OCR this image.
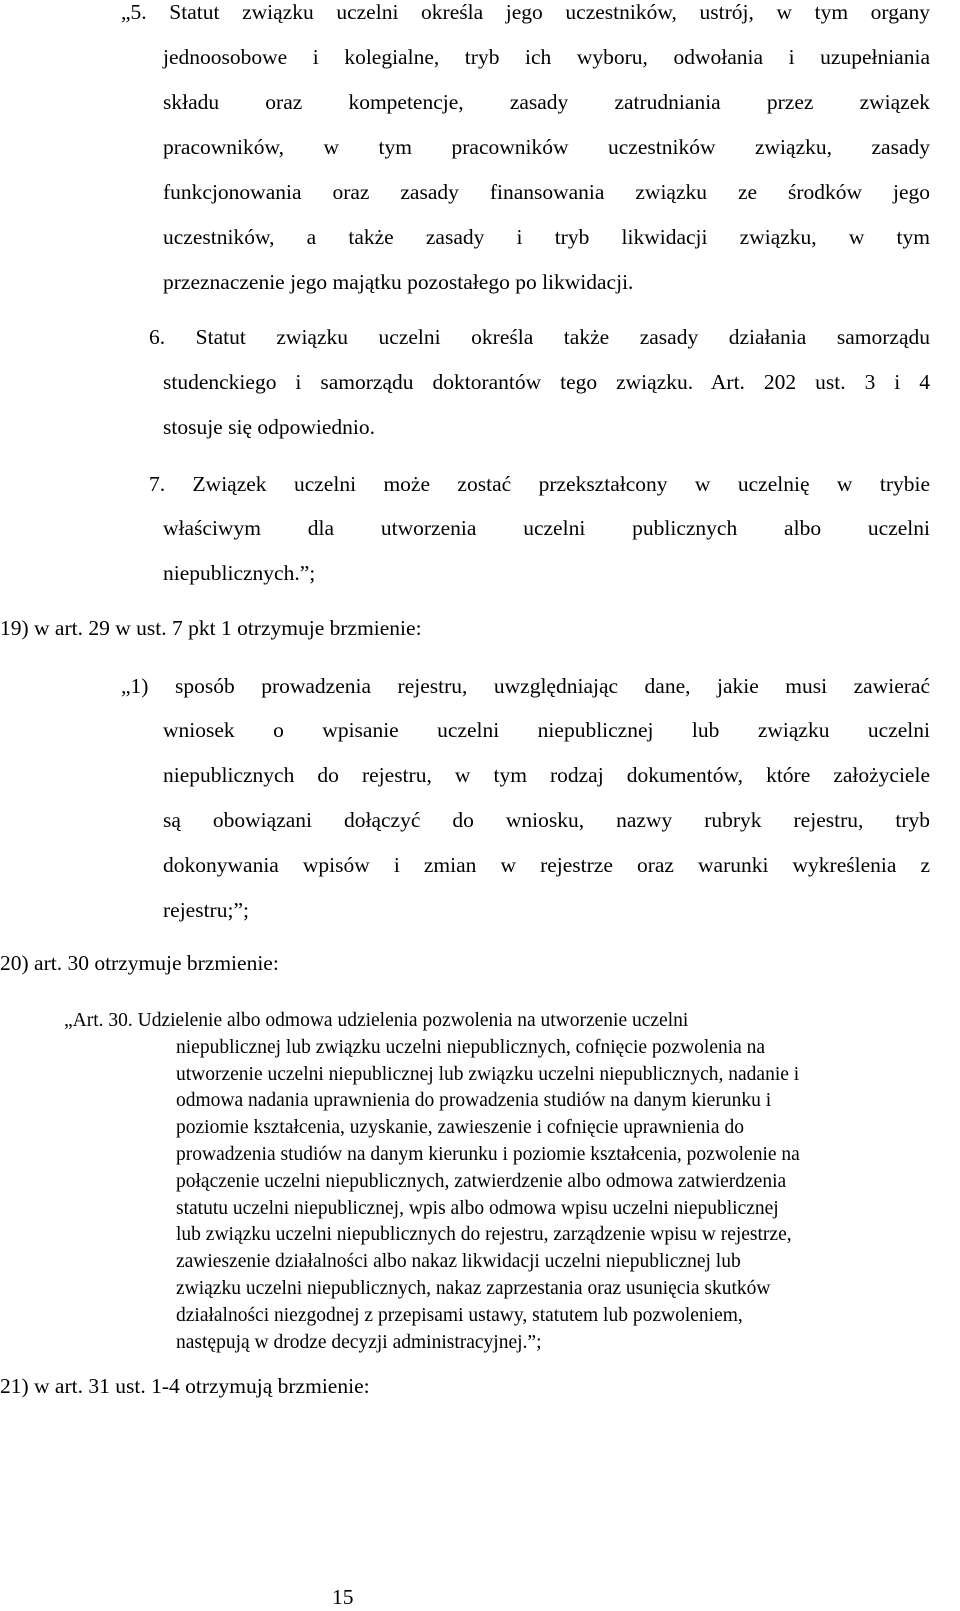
„5. Statut związku uczelni określa jego uczestników, ustrój, w tym organy
jednoosobowe i kolegialne, tryb ich wyboru, odwołania i uzupełniania
składu oraz kompetencje, zasady zatrudniania przez związek
pracowników, w tym pracowników uczestników związku, zasady
funkcjonowania oraz zasady finansowania związku ze środków jego
uczestników, a także zasady i tryb likwidacji związku, w tym
przeznaczenie jego majątku pozostałego po likwidacji.
6. Statut związku uczelni określa także zasady działania samorządu
studenckiego i samorządu doktorantów tego związku. Art. 202 ust. 3 i 4
stosuje się odpowiednio.
7. Związek uczelni może zostać przekształcony w uczelnię w trybie
właściwym dla utworzenia uczelni publicznych albo uczelni
niepublicznych.”;

19) w art. 29 w ust. 7 pkt 1 otrzymuje brzmienie:

„1) sposób prowadzenia rejestru, uwzględniając dane, jakie musi zawierać
wniosek o wpisanie uczelni niepublicznej lub związku uczelni
niepublicznych do rejestru, w tym rodzaj dokumentów, które założyciele
są obowiązani dołączyć do wniosku, nazwy rubryk rejestru, tryb
dokonywania wpisów i zmian w rejestrze oraz warunki wykreślenia z
rejestru;”;

20) art. 30 otrzymuje brzmienie:

„Art. 30. Udzielenie albo odmowa udzielenia pozwolenia na utworzenie uczelni
niepublicznej lub związku uczelni niepublicznych, cofnięcie pozwolenia na
utworzenie uczelni niepublicznej lub związku uczelni niepublicznych, nadanie i
odmowa nadania uprawnienia do prowadzenia studiów na danym kierunku i
poziomie kształcenia, uzyskanie, zawieszenie i cofnięcie uprawnienia do
prowadzenia studiów na danym kierunku i poziomie kształcenia, pozwolenie na
połączenie uczelni niepublicznych, zatwierdzenie albo odmowa zatwierdzenia
statutu uczelni niepublicznej, wpis albo odmowa wpisu uczelni niepublicznej
lub związku uczelni niepublicznych do rejestru, zarządzenie wpisu w rejestrze,
zawieszenie działalności albo nakaz likwidacji uczelni niepublicznej lub
związku uczelni niepublicznych, nakaz zaprzestania oraz usunięcia skutków
działalności niezgodnej z przepisami ustawy, statutem lub pozwoleniem,
następują w drodze decyzji administracyjnej.”;

21) w art. 31 ust. 1-4 otrzymują brzmienie:

15
